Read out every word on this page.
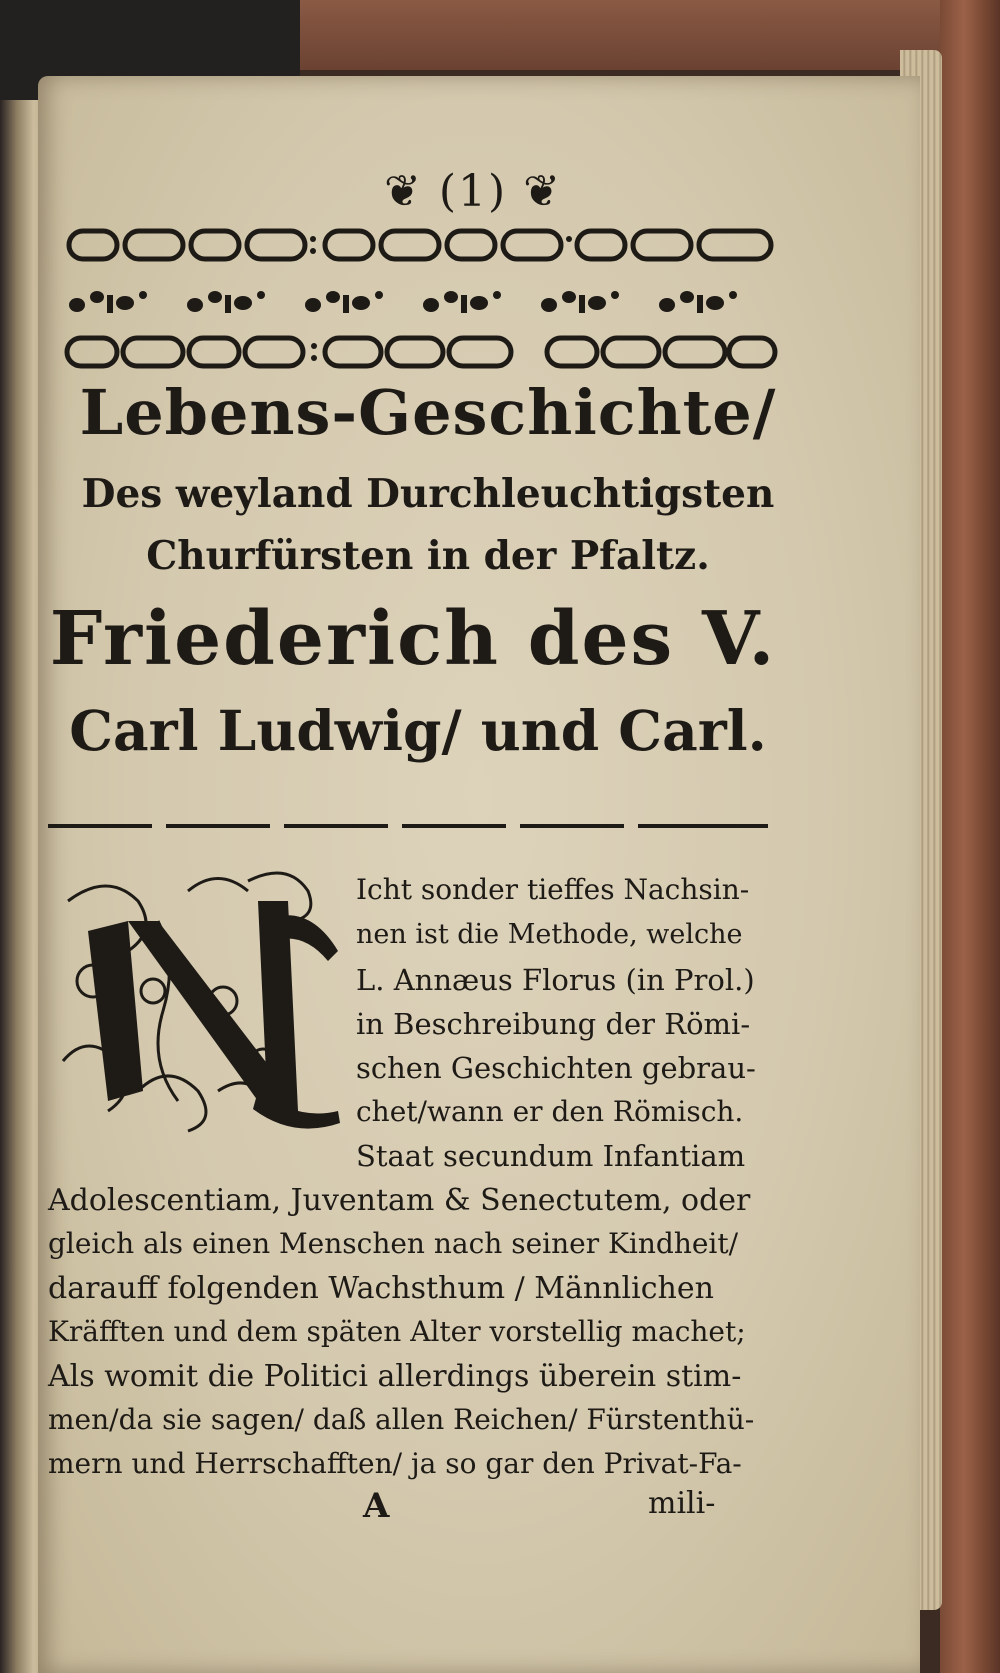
❦ (1) ❦
Lebens-Geschichte/
Des weyland Durchleuchtigsten
Churfürsten in der Pfaltz.
Friederich des V.
Carl Ludwig/ und Carl.
Icht sonder tieffes Nachsin-
nen ist die Methode, welche
L. Annæus Florus (in Prol.)
in Beschreibung der Römi-
schen Geschichten gebrau-
chet/wann er den Römisch.
Staat secundum Infantiam
Adolescentiam, Juventam & Senectutem, oder
gleich als einen Menschen nach seiner Kindheit/
darauff folgenden Wachsthum / Männlichen
Kräfften und dem späten Alter vorstellig machet;
Als womit die Politici allerdings überein stim-
men/da sie sagen/ daß allen Reichen/ Fürstenthü-
mern und Herrschafften/ ja so gar den Privat-Fa-
A	mili-
